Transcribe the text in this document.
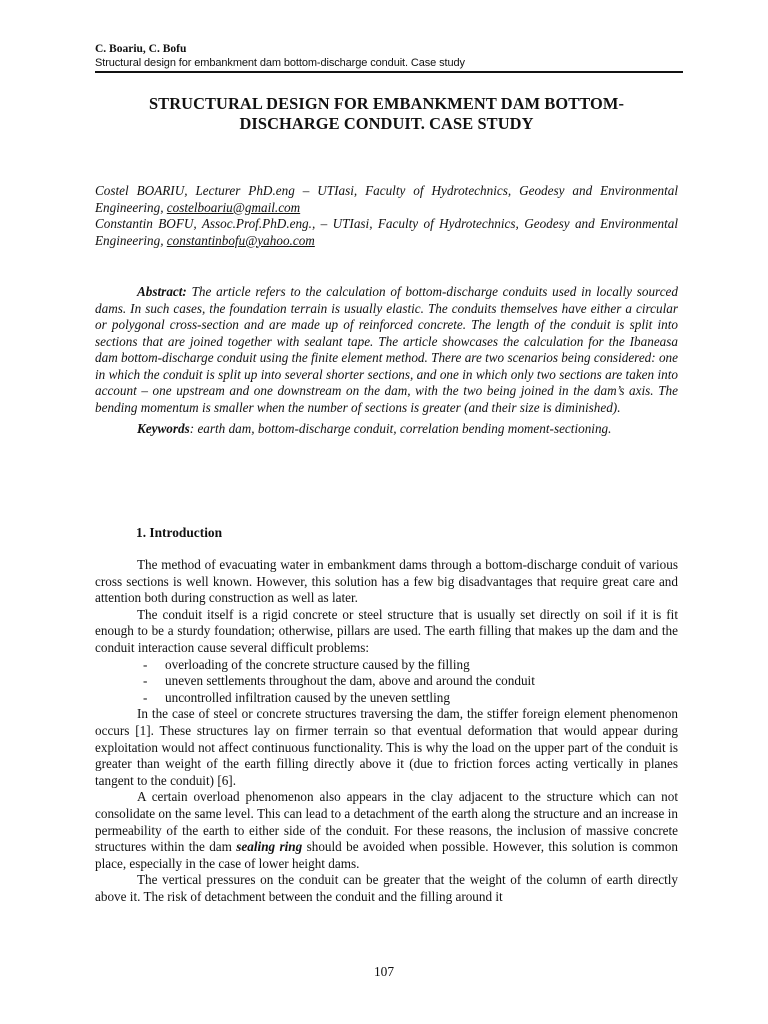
C. Boariu, C. Bofu
Structural design for embankment dam bottom-discharge conduit. Case study
STRUCTURAL DESIGN FOR EMBANKMENT DAM BOTTOM-
DISCHARGE CONDUIT. CASE STUDY

Costel BOARIU, Lecturer PhD.eng – UTIasi, Faculty of Hydrotechnics, Geodesy and Environmental Engineering, costelboariu@gmail.com

Constantin BOFU, Assoc.Prof.PhD.eng., – UTIasi, Faculty of Hydrotechnics, Geodesy and Environmental Engineering, constantinbofu@yahoo.com

Abstract: The article refers to the calculation of bottom-discharge conduits used in locally sourced dams. In such cases, the foundation terrain is usually elastic. The conduits themselves have either a circular or polygonal cross-section and are made up of reinforced concrete. The length of the conduit is split into sections that are joined together with sealant tape. The article showcases the calculation for the Ibaneasa dam bottom-discharge conduit using the finite element method. There are two scenarios being considered: one in which the conduit is split up into several shorter sections, and one in which only two sections are taken into account – one upstream and one downstream on the dam, with the two being joined in the dam’s axis. The bending momentum is smaller when the number of sections is greater (and their size is diminished).

Keywords: earth dam, bottom-discharge conduit, correlation bending moment-sectioning.

1. Introduction

The method of evacuating water in embankment dams through a bottom-discharge conduit of various cross sections is well known. However, this solution has a few big disadvantages that require great care and attention both during construction as well as later.

The conduit itself is a rigid concrete or steel structure that is usually set directly on soil if it is fit enough to be a sturdy foundation; otherwise, pillars are used. The earth filling that makes up the dam and the conduit interaction cause several difficult problems:

- overloading of the concrete structure caused by the filling
- uneven settlements throughout the dam, above and around the conduit
- uncontrolled infiltration caused by the uneven settling

In the case of steel or concrete structures traversing the dam, the stiffer foreign element phenomenon occurs [1]. These structures lay on firmer terrain so that eventual deformation that would appear during exploitation would not affect continuous functionality. This is why the load on the upper part of the conduit is greater than weight of the earth filling directly above it (due to friction forces acting vertically in planes tangent to the conduit) [6].

A certain overload phenomenon also appears in the clay adjacent to the structure which can not consolidate on the same level. This can lead to a detachment of the earth along the structure and an increase in permeability of the earth to either side of the conduit. For these reasons, the inclusion of massive concrete structures within the dam sealing ring should be avoided when possible. However, this solution is common place, especially in the case of lower height dams.

The vertical pressures on the conduit can be greater that the weight of the column of earth directly above it. The risk of detachment between the conduit and the filling around it

107
